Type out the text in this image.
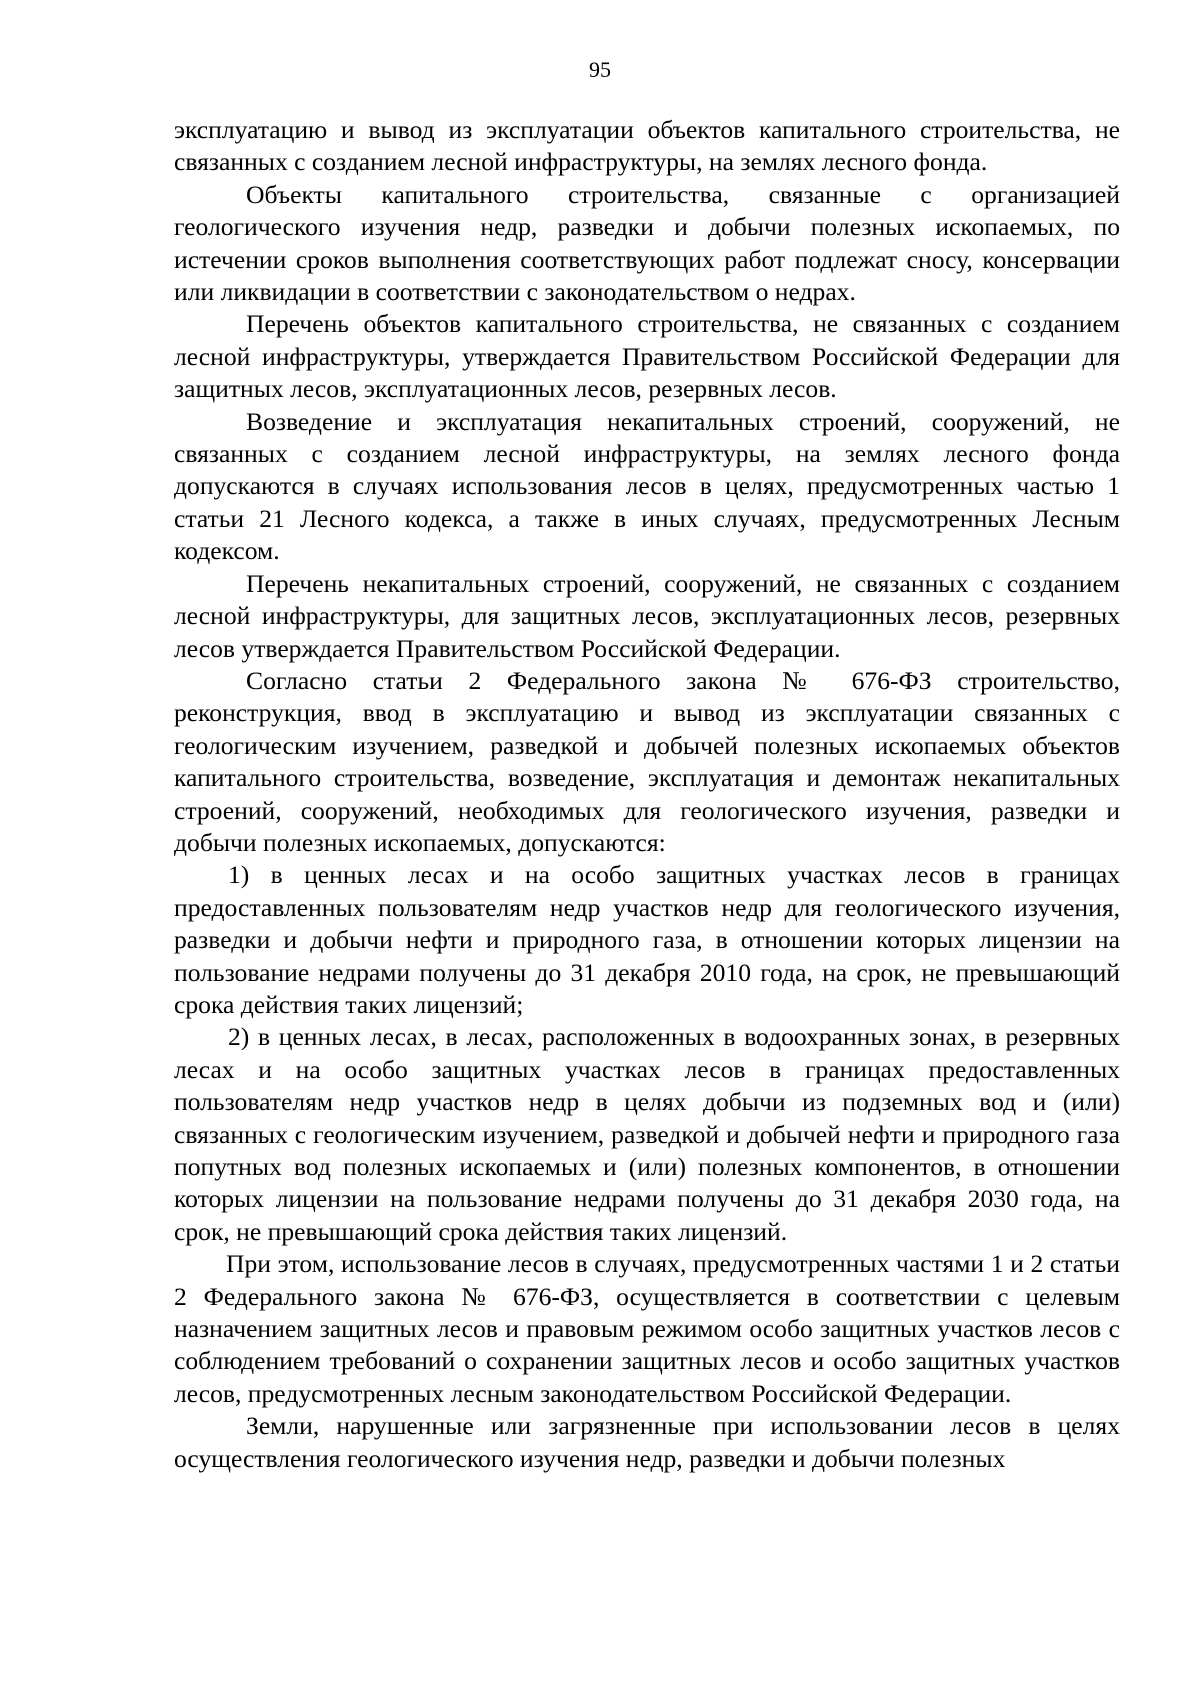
95

эксплуатацию и вывод из эксплуатации объектов капитального строительства, не связанных с созданием лесной инфраструктуры, на землях лесного фонда.

Объекты капитального строительства, связанные с организацией геологического изучения недр, разведки и добычи полезных ископаемых, по истечении сроков выполнения соответствующих работ подлежат сносу, консервации или ликвидации в соответствии с законодательством о недрах.

Перечень объектов капитального строительства, не связанных с созданием лесной инфраструктуры, утверждается Правительством Российской Федерации для защитных лесов, эксплуатационных лесов, резервных лесов.

Возведение и эксплуатация некапитальных строений, сооружений, не связанных с созданием лесной инфраструктуры, на землях лесного фонда допускаются в случаях использования лесов в целях, предусмотренных частью 1 статьи 21 Лесного кодекса, а также в иных случаях, предусмотренных Лесным кодексом.

Перечень некапитальных строений, сооружений, не связанных с созданием лесной инфраструктуры, для защитных лесов, эксплуатационных лесов, резервных лесов утверждается Правительством Российской Федерации.

Согласно статьи 2 Федерального закона № 676-ФЗ строительство, реконструкция, ввод в эксплуатацию и вывод из эксплуатации связанных с геологическим изучением, разведкой и добычей полезных ископаемых объектов капитального строительства, возведение, эксплуатация и демонтаж некапитальных строений, сооружений, необходимых для геологического изучения, разведки и добычи полезных ископаемых, допускаются:

1) в ценных лесах и на особо защитных участках лесов в границах предоставленных пользователям недр участков недр для геологического изучения, разведки и добычи нефти и природного газа, в отношении которых лицензии на пользование недрами получены до 31 декабря 2010 года, на срок, не превышающий срока действия таких лицензий;

2) в ценных лесах, в лесах, расположенных в водоохранных зонах, в резервных лесах и на особо защитных участках лесов в границах предоставленных пользователям недр участков недр в целях добычи из подземных вод и (или) связанных с геологическим изучением, разведкой и добычей нефти и природного газа попутных вод полезных ископаемых и (или) полезных компонентов, в отношении которых лицензии на пользование недрами получены до 31 декабря 2030 года, на срок, не превышающий срока действия таких лицензий.

При этом, использование лесов в случаях, предусмотренных частями 1 и 2 статьи 2 Федерального закона № 676-ФЗ, осуществляется в соответствии с целевым назначением защитных лесов и правовым режимом особо защитных участков лесов с соблюдением требований о сохранении защитных лесов и особо защитных участков лесов, предусмотренных лесным законодательством Российской Федерации.

Земли, нарушенные или загрязненные при использовании лесов в целях осуществления геологического изучения недр, разведки и добычи полезных
